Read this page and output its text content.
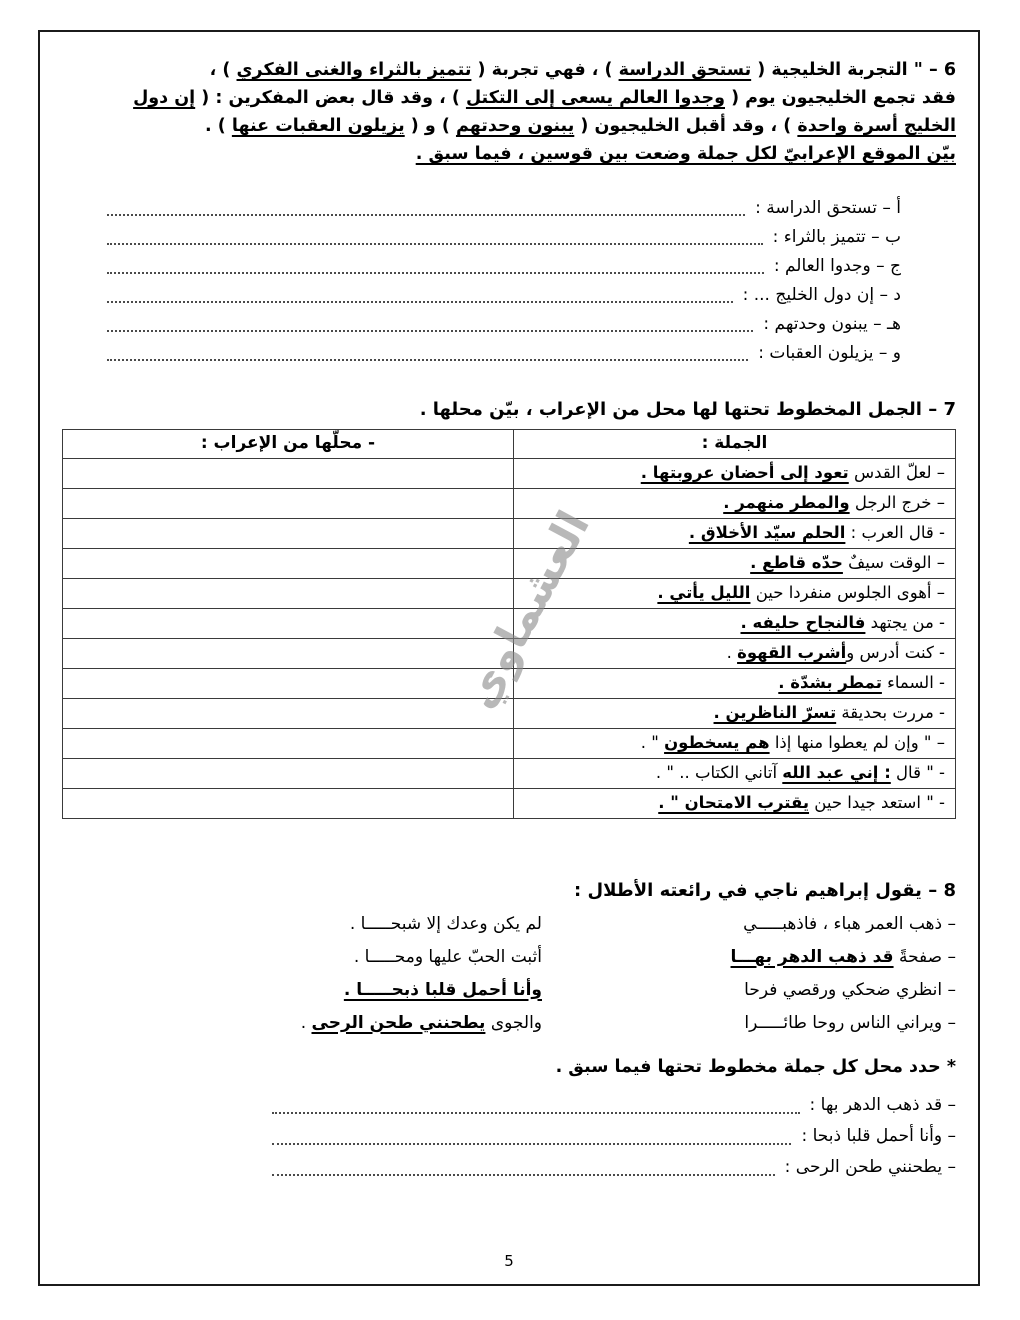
6 – " التجربة الخليجية ( تستحق الدراسة ) ، فهي تجربة ( تتميز بالثراء والغنى الفكري ) ،
فقد تجمع الخليجيون يوم ( وجدوا العالم يسعى إلى التكتل ) ، وقد قال بعض المفكرين : ( إن دول
الخليج أسرة واحدة ) ، وقد أقبل الخليجيون ( يبنون وحدتهم ) و ( يزيلون العقبات عنها ) .
بيّن الموقع الإعرابيّ لكل جملة وضعت بين قوسين ، فيما سبق .

أ – تستحق الدراسة :
ب – تتميز بالثراء :
ج – وجدوا العالم :
د – إن دول الخليج ... :
هـ – يبنون وحدتهم :
و – يزيلون العقبات :

7 – الجمل المخطوط تحتها لها محل من الإعراب ، بيّن محلها .

الجملة :	- محلّها من الإعراب :
– لعلّ القدس تعود إلى أحضان عروبتها .	
– خرج الرجل والمطر منهمر .	
- قال العرب : الحلم سيّد الأخلاق .	
– الوقت سيفٌ حدّه قاطع .	
– أهوى الجلوس منفردا حين الليل يأتي .	
- من يجتهد فالنجاح حليفه .	
- كنت أدرس وأشرب القهوة .	
- السماء تمطر بشدّة .	
- مررت بحديقة تسرّ الناظرين .	
– " وإن لم يعطوا منها إذا هم يسخطون " .	
- " قال : إني عبد الله آتاني الكتاب .. " .	
- " استعد جيدا حين يقترب الامتحان " .	
العشماوي

8 – يقول إبراهيم ناجي في رائعته الأطلال :

– ذهب العمر هباء ، فاذهبـــــي
لم يكن وعدك إلا شبحـــــا .
– صفحةً قد ذهب الدهر بهـــا
أثبت الحبّ عليها ومحـــــا .
– انظري ضحكي ورقصي فرحا
وأنا أحمل قلبا ذبحـــــا .
– ويراني الناس روحا طائـــــرا
والجوى يطحنني طحن الرحى .

* حدد محل كل جملة مخطوط تحتها فيما سبق .

– قد ذهب الدهر بها :
– وأنا أحمل قلبا ذبحا :
– يطحنني طحن الرحى :
5
